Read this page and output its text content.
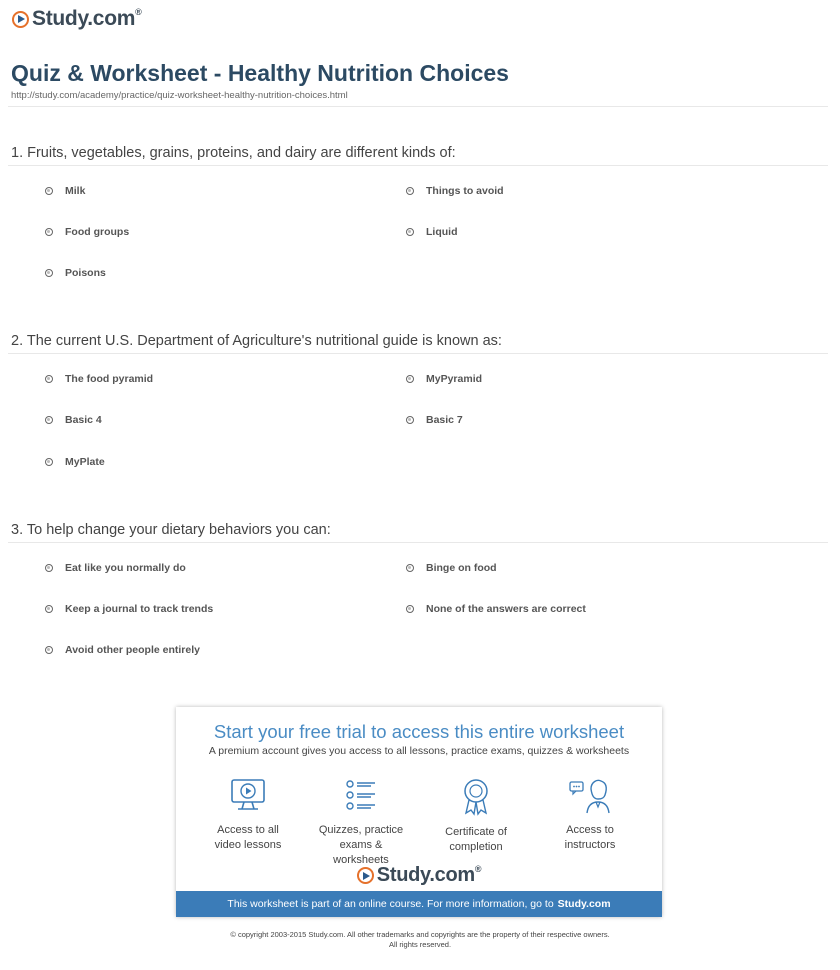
Study.com®
Quiz & Worksheet - Healthy Nutrition Choices
http://study.com/academy/practice/quiz-worksheet-healthy-nutrition-choices.html
1. Fruits, vegetables, grains, proteins, and dairy are different kinds of:
Milk	Things to avoid
Food groups	Liquid
Poisons
2. The current U.S. Department of Agriculture's nutritional guide is known as:
The food pyramid	MyPyramid
Basic 4	Basic 7
MyPlate
3. To help change your dietary behaviors you can:
Eat like you normally do	Binge on food
Keep a journal to track trends	None of the answers are correct
Avoid other people entirely
Start your free trial to access this entire worksheet
A premium account gives you access to all lessons, practice exams, quizzes & worksheets
Access to all
video lessons
Quizzes, practice
exams & worksheets
Certificate of
completion
Access to
instructors
Study.com®
This worksheet is part of an online course. For more information, go to Study.com
© copyright 2003-2015 Study.com. All other trademarks and copyrights are the property of their respective owners.
All rights reserved.
